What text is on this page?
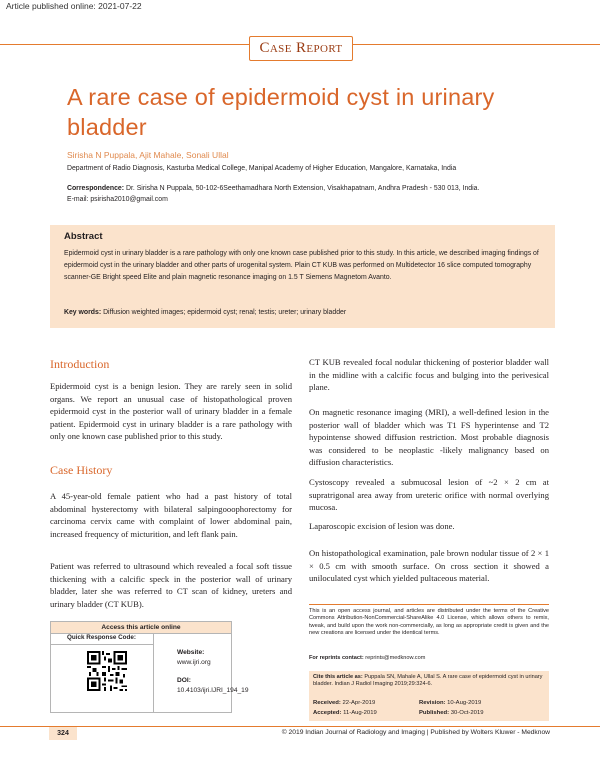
Article published online: 2021-07-22
Case Report
A rare case of epidermoid cyst in urinary bladder
Sirisha N Puppala, Ajit Mahale, Sonali Ullal
Department of Radio Diagnosis, Kasturba Medical College, Manipal Academy of Higher Education, Mangalore, Karnataka, India
Correspondence: Dr. Sirisha N Puppala, 50-102-6Seethamadhara North Extension, Visakhapatnam, Andhra Pradesh - 530 013, India.
E-mail: psirisha2010@gmail.com
Abstract
Epidermoid cyst in urinary bladder is a rare pathology with only one known case published prior to this study. In this article, we described imaging findings of epidermoid cyst in the urinary bladder and other parts of urogenital system. Plain CT KUB was performed on Multidetector 16 slice computed tomography scanner-GE Bright speed Elite and plain magnetic resonance imaging on 1.5 T Siemens Magnetom Avanto.
Key words: Diffusion weighted images; epidermoid cyst; renal; testis; ureter; urinary bladder
Introduction
Epidermoid cyst is a benign lesion. They are rarely seen in solid organs. We report an unusual case of histopathological proven epidermoid cyst in the posterior wall of urinary bladder in a female patient. Epidermoid cyst in urinary bladder is a rare pathology with only one known case published prior to this study.
Case History
A 45-year-old female patient who had a past history of total abdominal hysterectomy with bilateral salpingooophorectomy for carcinoma cervix came with complaint of lower abdominal pain, increased frequency of micturition, and left flank pain.
Patient was referred to ultrasound which revealed a focal soft tissue thickening with a calcific speck in the posterior wall of urinary bladder, later she was referred to CT scan of kidney, ureters and urinary bladder (CT KUB).
Access this article online
Quick Response Code:
Website:
www.ijri.org
DOI:
10.4103/ijri.IJRI_194_19
CT KUB revealed focal nodular thickening of posterior bladder wall in the midline with a calcific focus and bulging into the perivesical plane.
On magnetic resonance imaging (MRI), a well-defined lesion in the posterior wall of bladder which was T1 FS hyperintense and T2 hypointense showed diffusion restriction. Most probable diagnosis was considered to be neoplastic -likely malignancy based on diffusion characteristics.
Cystoscopy revealed a submucosal lesion of ~2 × 2 cm at supratrigonal area away from ureteric orifice with normal overlying mucosa.
Laparoscopic excision of lesion was done.
On histopathological examination, pale brown nodular tissue of 2 × 1 × 0.5 cm with smooth surface. On cross section it showed a uniloculated cyst which yielded pultaceous material.
This is an open access journal, and articles are distributed under the terms of the Creative Commons Attribution-NonCommercial-ShareAlike 4.0 License, which allows others to remix, tweak, and build upon the work non-commercially, as long as appropriate credit is given and the new creations are licensed under the identical terms.
For reprints contact: reprints@medknow.com
Cite this article as: Puppala SN, Mahale A, Ullal S. A rare case of epidermoid cyst in urinary bladder. Indian J Radiol Imaging 2019;29:324-6.
Received: 22-Apr-2019	Revision: 10-Aug-2019
Accepted: 11-Aug-2019	Published: 30-Oct-2019
324	© 2019 Indian Journal of Radiology and Imaging | Published by Wolters Kluwer - Medknow
